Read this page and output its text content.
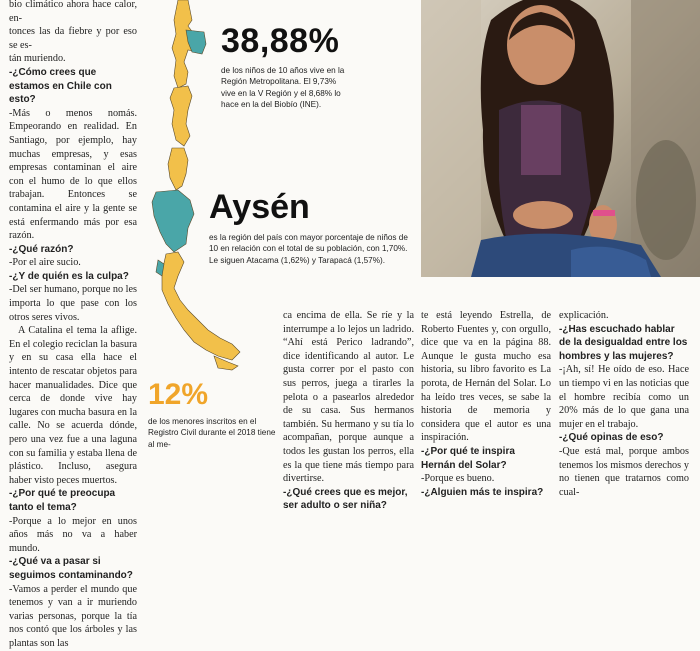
bio climático ahora hace calor, en-

tonces las da fiebre y por eso se es-

tán muriendo.

-¿Cómo crees que estamos en Chile con esto?

-Más o menos nomás. Empeorando en realidad. En Santiago, por ejemplo, hay muchas empresas, y esas empresas contaminan el aire con el humo de lo que ellos trabajan. Entonces se contamina el aire y la gente se está enfermando más por esa razón.

-¿Qué razón?

-Por el aire sucio.

-¿Y de quién es la culpa?

-Del ser humano, porque no les importa lo que pase con los otros seres vivos.

A Catalina el tema la aflige. En el colegio reciclan la basura y en su casa ella hace el intento de rescatar objetos para hacer manualidades. Dice que cerca de donde vive hay lugares con mucha basura en la calle. No se acuerda dónde, pero una vez fue a una laguna con su familia y estaba llena de plástico. Incluso, asegura haber visto peces muertos.

-¿Por qué te preocupa tanto el tema?

-Porque a lo mejor en unos años más no va a haber mundo.

-¿Qué va a pasar si seguimos contaminando?

-Vamos a perder el mundo que tenemos y van a ir muriendo varias personas, porque la tía nos contó que los árboles y las plantas son las

38,88%
de los niños de 10 años vive en la Región Metropolitana. El 9,73% vive en la V Región y el 8,68% lo hace en la del Biobío (INE).
Aysén
es la región del país con mayor porcentaje de niños de 10 en relación con el total de su población, con 1,70%. Le siguen Atacama (1,62%) y Tarapacá (1,57%).
12%
de los menores inscritos en el Registro Civil durante el 2018 tiene al me-

ca encima de ella. Se ríe y la interrumpe a lo lejos un ladrido. “Ahí está Perico ladrando”, dice identificando al autor. Le gusta correr por el pasto con sus perros, juega a tirarles la pelota o a pasearlos alrededor de su casa. Sus hermanos también. Su hermano y su tía lo acompañan, porque aunque a todos les gustan los perros, ella es la que tiene más tiempo para divertirse.

-¿Qué crees que es mejor, ser adulto o ser niña?

te está leyendo Estrella, de Roberto Fuentes y, con orgullo, dice que va en la página 88. Aunque le gusta mucho esa historia, su libro favorito es La porota, de Hernán del Solar. Lo ha leído tres veces, se sabe la historia de memoria y considera que el autor es una inspiración.

-¿Por qué te inspira Hernán del Solar?

-Porque es bueno.

-¿Alguien más te inspira?

explicación.

-¿Has escuchado hablar de la desigualdad entre los hombres y las mujeres?

-¡Ah, sí! He oído de eso. Hace un tiempo vi en las noticias que el hombre recibía como un 20% más de lo que gana una mujer en el trabajo.

-¿Qué opinas de eso?

-Que está mal, porque ambos tenemos los mismos derechos y no tienen que tratarnos como cual-
